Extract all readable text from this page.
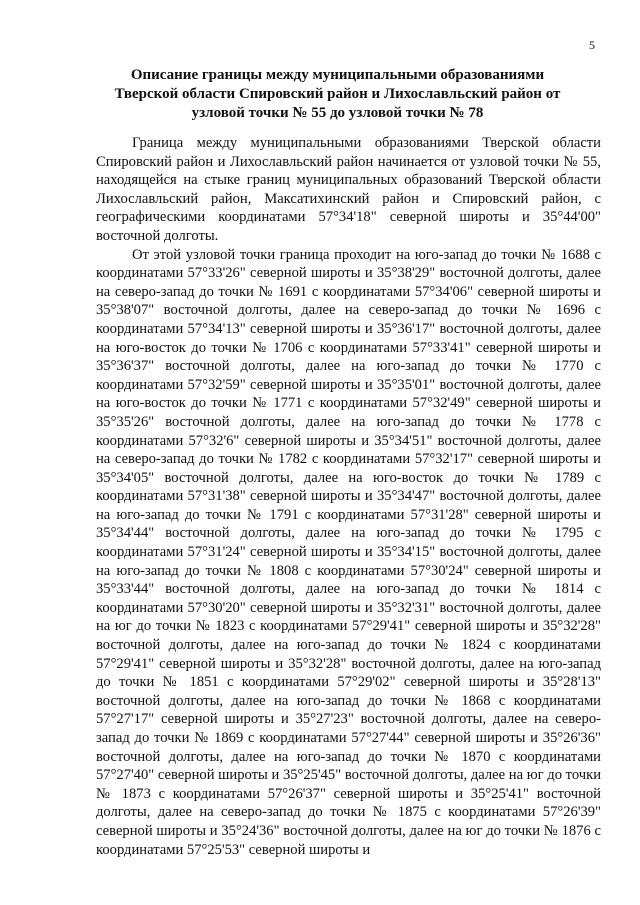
5
Описание границы между муниципальными образованиями
Тверской области Спировский район и Лихославльский район от
узловой точки № 55 до узловой точки № 78

Граница между муниципальными образованиями Тверской области Спировский район и Лихославльский район начинается от узловой точки № 55, находящейся на стыке границ муниципальных образований Тверской области Лихославльский район, Максатихинский район и Спировский район, с географическими координатами 57°34'18" северной широты и 35°44'00" восточной долготы.

От этой узловой точки граница проходит на юго-запад до точки № 1688 с координатами 57°33'26" северной широты и 35°38'29" восточной долготы, далее на северо-запад до точки № 1691 с координатами 57°34'06" северной широты и 35°38'07" восточной долготы, далее на северо-запад до точки № 1696 с координатами 57°34'13" северной широты и 35°36'17" восточной долготы, далее на юго-восток до точки № 1706 с координатами 57°33'41" северной широты и 35°36'37" восточной долготы, далее на юго-запад до точки № 1770 с координатами 57°32'59" северной широты и 35°35'01" восточной долготы, далее на юго-восток до точки № 1771 с координатами 57°32'49" северной широты и 35°35'26" восточной долготы, далее на юго-запад до точки № 1778 с координатами 57°32'6" северной широты и 35°34'51" восточной долготы, далее на северо-запад до точки № 1782 с координатами 57°32'17" северной широты и 35°34'05" восточной долготы, далее на юго-восток до точки № 1789 с координатами 57°31'38" северной широты и 35°34'47" восточной долготы, далее на юго-запад до точки № 1791 с координатами 57°31'28" северной широты и 35°34'44" восточной долготы, далее на юго-запад до точки № 1795 с координатами 57°31'24" северной широты и 35°34'15" восточной долготы, далее на юго-запад до точки № 1808 с координатами 57°30'24" северной широты и 35°33'44" восточной долготы, далее на юго-запад до точки № 1814 с координатами 57°30'20" северной широты и 35°32'31" восточной долготы, далее на юг до точки № 1823 с координатами 57°29'41" северной широты и 35°32'28" восточной долготы, далее на юго-запад до точки № 1824 с координатами 57°29'41" северной широты и 35°32'28" восточной долготы, далее на юго-запад до точки № 1851 с координатами 57°29'02" северной широты и 35°28'13" восточной долготы, далее на юго-запад до точки № 1868 с координатами 57°27'17" северной широты и 35°27'23" восточной долготы, далее на северо-запад до точки № 1869 с координатами 57°27'44" северной широты и 35°26'36" восточной долготы, далее на юго-запад до точки № 1870 с координатами 57°27'40" северной широты и 35°25'45" восточной долготы, далее на юг до точки № 1873 с координатами 57°26'37" северной широты и 35°25'41" восточной долготы, далее на северо-запад до точки № 1875 с координатами 57°26'39" северной широты и 35°24'36" восточной долготы, далее на юг до точки № 1876 с координатами 57°25'53" северной широты и
